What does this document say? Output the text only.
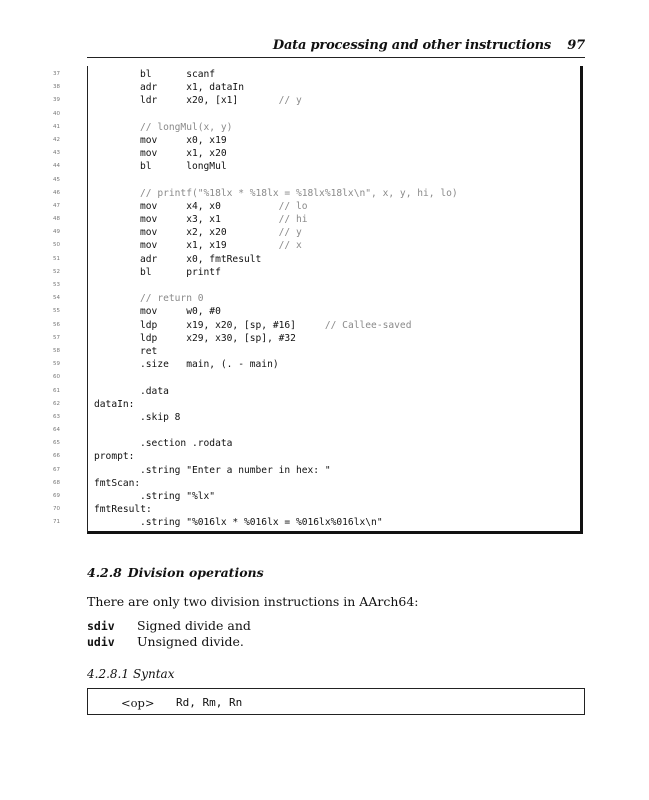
Data processing and other instructions 97
37	bl      scanf
38	adr     x1, dataIn
39	ldr     x20, [x1]       // y
40
41	// longMul(x, y)
42	mov     x0, x19
43	mov     x1, x20
44	bl      longMul
45
46	// printf("%18lx * %18lx = %18lx%18lx\n", x, y, hi, lo)
47	mov     x4, x0          // lo
48	mov     x3, x1          // hi
49	mov     x2, x20         // y
50	mov     x1, x19         // x
51	adr     x0, fmtResult
52	bl      printf
53
54	// return 0
55	mov     w0, #0
56	ldp     x19, x20, [sp, #16]     // Callee-saved
57	ldp     x29, x30, [sp], #32
58	ret
59	.size   main, (. - main)
60
61	.data
62	dataIn:
63	.skip 8
64
65	.section .rodata
66	prompt:
67	.string "Enter a number in hex: "
68	fmtScan:
69	.string "%lx"
70	fmtResult:
71	.string "%016lx * %016lx = %016lx%016lx\n"
4.2.8 Division operations
There are only two division instructions in AArch64:
sdiv Signed divide and
udiv Unsigned divide.
4.2.8.1 Syntax
<op> Rd, Rm, Rn
